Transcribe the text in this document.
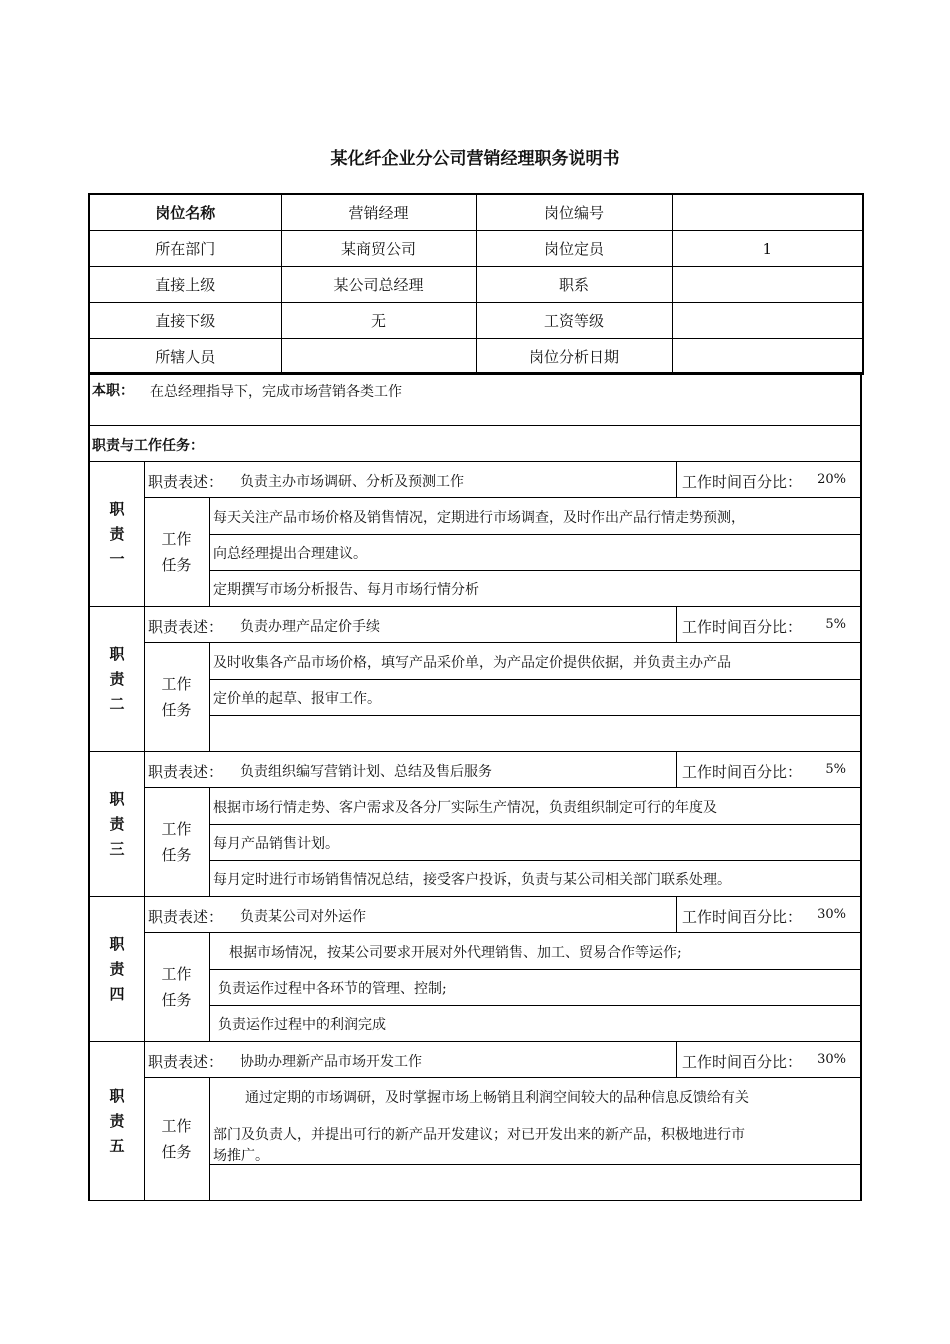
某化纤企业分公司营销经理职务说明书
岗位名称	营销经理	岗位编号	
所在部门	某商贸公司	岗位定员	1
直接上级	某公司总经理	职系	
直接下级	无	工资等级	
所辖人员		岗位分析日期	
本职： 在总经理指导下，完成市场营销各类工作
职责与工作任务：
职责一
职责表述： 负责主办市场调研、分析及预测工作	工作时间百分比： 20%
工作任务
每天关注产品市场价格及销售情况，定期进行市场调查，及时作出产品行情走势预测，
向总经理提出合理建议。
定期撰写市场分析报告、每月市场行情分析
职责二
职责表述： 负责办理产品定价手续	工作时间百分比： 5%
工作任务
及时收集各产品市场价格，填写产品采价单，为产品定价提供依据，并负责主办产品
定价单的起草、报审工作。
职责三
职责表述： 负责组织编写营销计划、总结及售后服务	工作时间百分比： 5%
工作任务
根据市场行情走势、客户需求及各分厂实际生产情况，负责组织制定可行的年度及
每月产品销售计划。
每月定时进行市场销售情况总结，接受客户投诉，负责与某公司相关部门联系处理。
职责四
职责表述： 负责某公司对外运作	工作时间百分比： 30%
工作任务
根据市场情况，按某公司要求开展对外代理销售、加工、贸易合作等运作;
负责运作过程中各环节的管理、控制;
负责运作过程中的利润完成
职责五
职责表述： 协助办理新产品市场开发工作	工作时间百分比： 30%
工作任务
通过定期的市场调研，及时掌握市场上畅销且利润空间较大的品种信息反馈给有关
部门及负责人，并提出可行的新产品开发建议；对已开发出来的新产品，积极地进行市
场推广。
